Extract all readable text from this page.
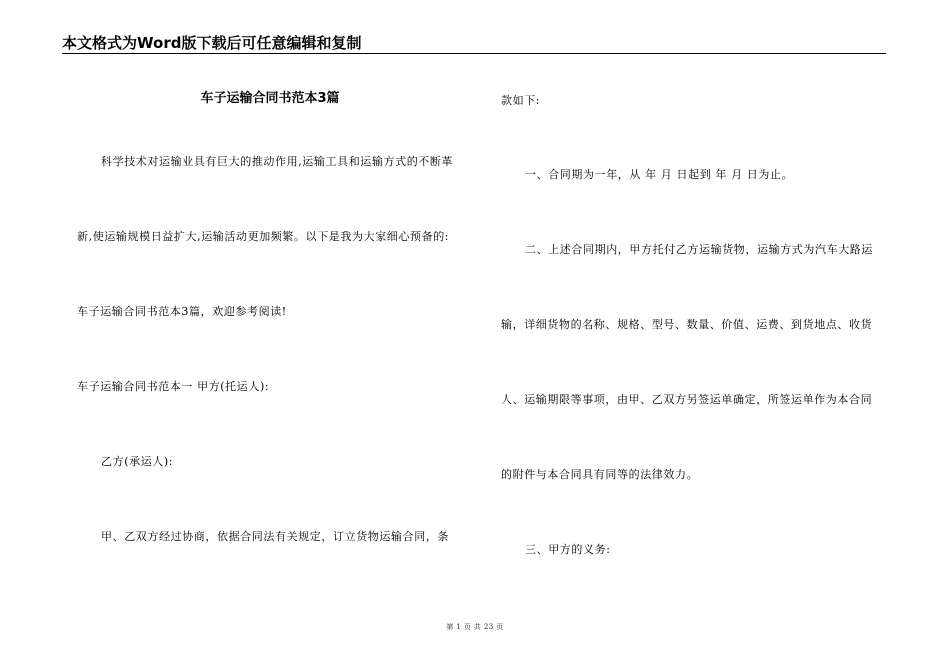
本文格式为Word版下载后可任意编辑和复制
车子运输合同书范本3篇
科学技术对运输业具有巨大的推动作用,运输工具和运输方式的不断革
新,使运输规模日益扩大,运输活动更加频繁。以下是我为大家细心预备的:
车子运输合同书范本3篇，欢迎参考阅读!
车子运输合同书范本一 甲方(托运人):
乙方(承运人):
甲、乙双方经过协商，依据合同法有关规定，订立货物运输合同，条
款如下:
一、合同期为一年，从 年 月 日起到 年 月 日为止。
二、上述合同期内，甲方托付乙方运输货物，运输方式为汽车大路运
输，详细货物的名称、规格、型号、数量、价值、运费、到货地点、收货
人、运输期限等事项，由甲、乙双方另签运单确定，所签运单作为本合同
的附件与本合同具有同等的法律效力。
三、甲方的义务:
第 1 页 共 23 页
